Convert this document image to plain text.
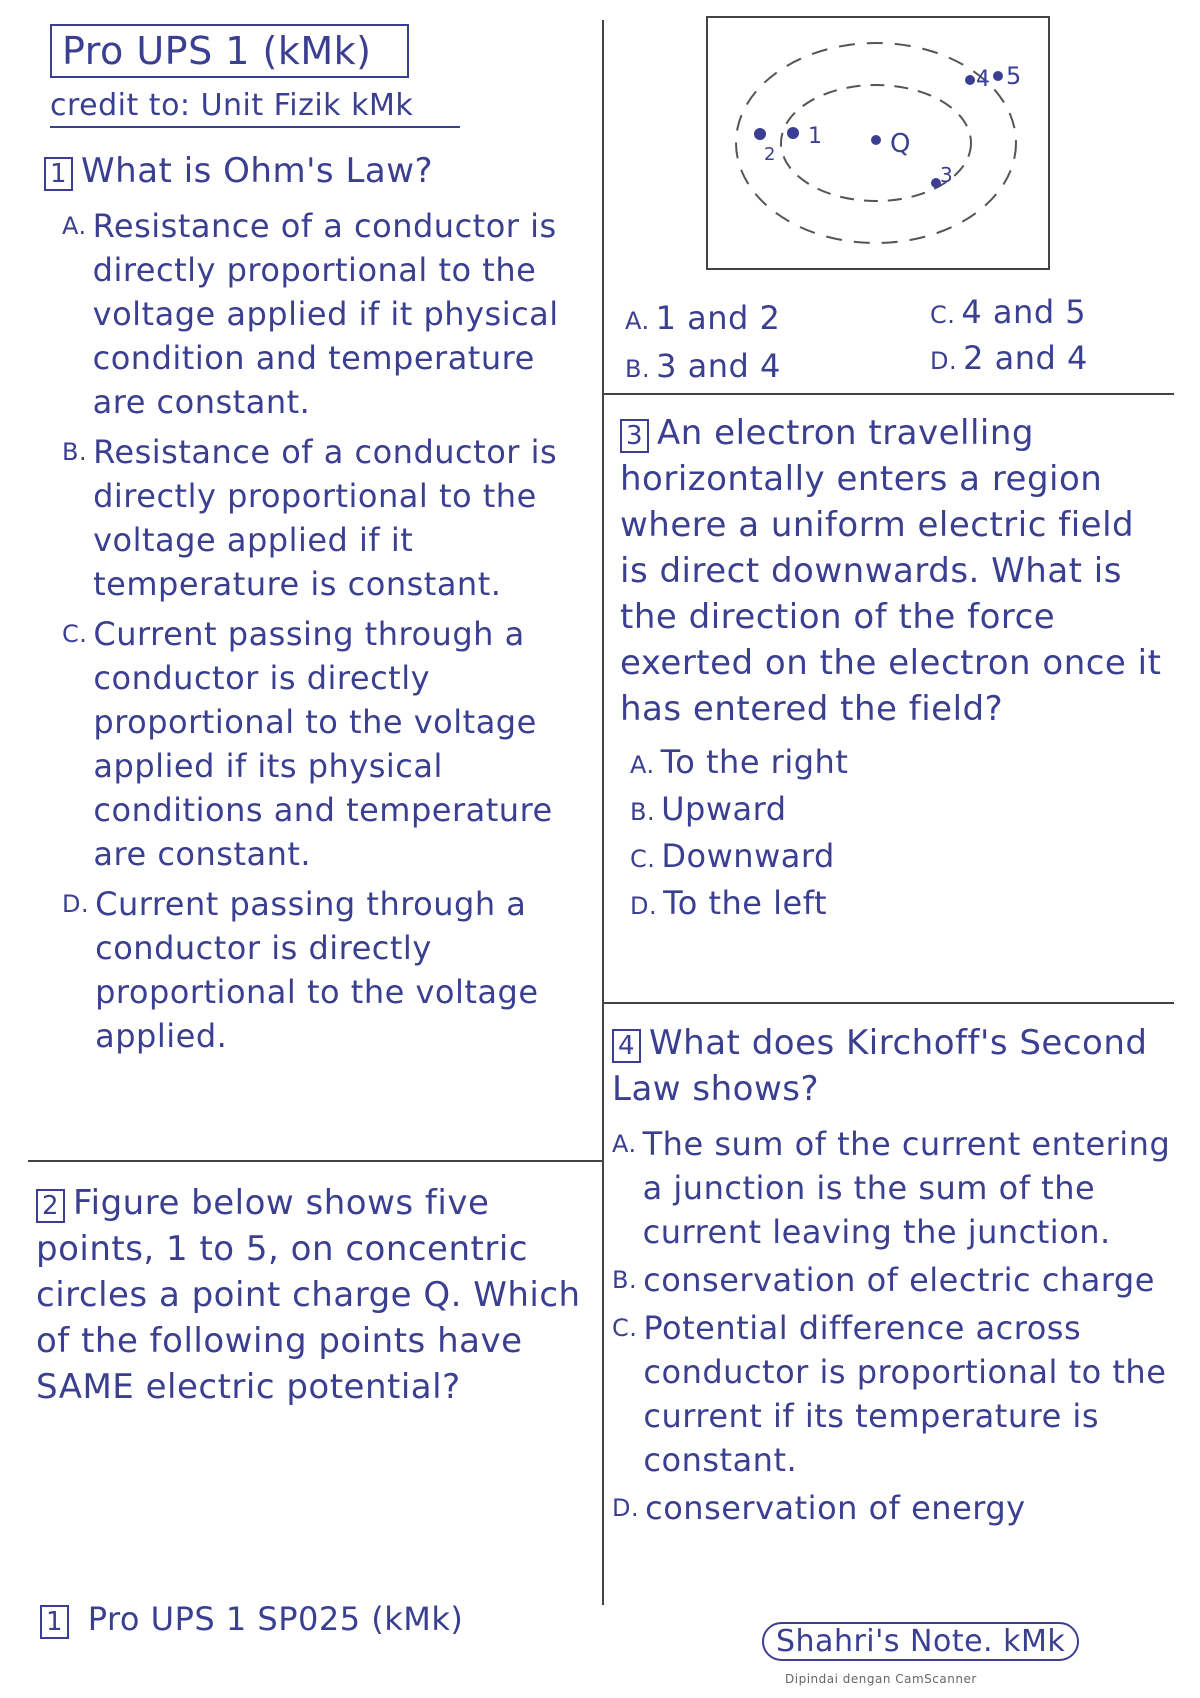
Pro UPS 1 (kMk)
credit to: Unit Fizik kMk
1 What is Ohm's Law?
A. Resistance of a conductor is directly proportional to the voltage applied if it physical condition and temperature are constant.
B. Resistance of a conductor is directly proportional to the voltage applied if it temperature is constant.
C. Current passing through a conductor is directly proportional to the voltage applied if its physical conditions and temperature are constant.
D. Current passing through a conductor is directly proportional to the voltage applied.
2 Figure below shows five points, 1 to 5, on concentric circles a point charge Q. Which of the following points have SAME electric potential?
Q
1
2
3
4 5
A. 1 and 2
B. 3 and 4
C. 4 and 5
D. 2 and 4
3 An electron travelling horizontally enters a region where a uniform electric field is direct downwards. What is the direction of the force exerted on the electron once it has entered the field?
A. To the right
B. Upward
C. Downward
D. To the left
4 What does Kirchoff's Second Law shows?
A. The sum of the current entering a junction is the sum of the current leaving the junction.
B. conservation of electric charge
C. Potential difference across conductor is proportional to the current if its temperature is constant.
D. conservation of energy
1 Pro UPS 1 SP025 (kMk)
Shahri's Note. kMk
Dipindai dengan CamScanner
